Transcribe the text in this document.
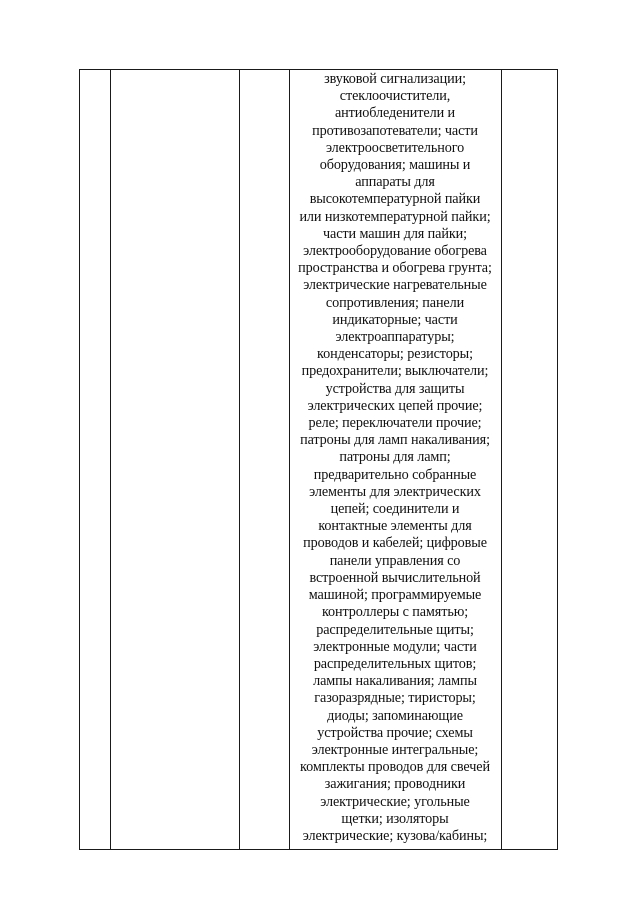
звуковой сигнализации;
стеклоочистители,
антиобледенители и
противозапотеватели; части
электроосветительного
оборудования; машины и
аппараты для
высокотемпературной пайки
или низкотемпературной пайки;
части машин для пайки;
электрооборудование обогрева
пространства и обогрева грунта;
электрические нагревательные
сопротивления; панели
индикаторные; части
электроаппаратуры;
конденсаторы; резисторы;
предохранители; выключатели;
устройства для защиты
электрических цепей прочие;
реле; переключатели прочие;
патроны для ламп накаливания;
патроны для ламп;
предварительно собранные
элементы для электрических
цепей; соединители и
контактные элементы для
проводов и кабелей; цифровые
панели управления со
встроенной вычислительной
машиной; программируемые
контроллеры с памятью;
распределительные щиты;
электронные модули; части
распределительных щитов;
лампы накаливания; лампы
газоразрядные; тиристоры;
диоды; запоминающие
устройства прочие; схемы
электронные интегральные;
комплекты проводов для свечей
зажигания; проводники
электрические; угольные
щетки; изоляторы
электрические; кузова/кабины;
